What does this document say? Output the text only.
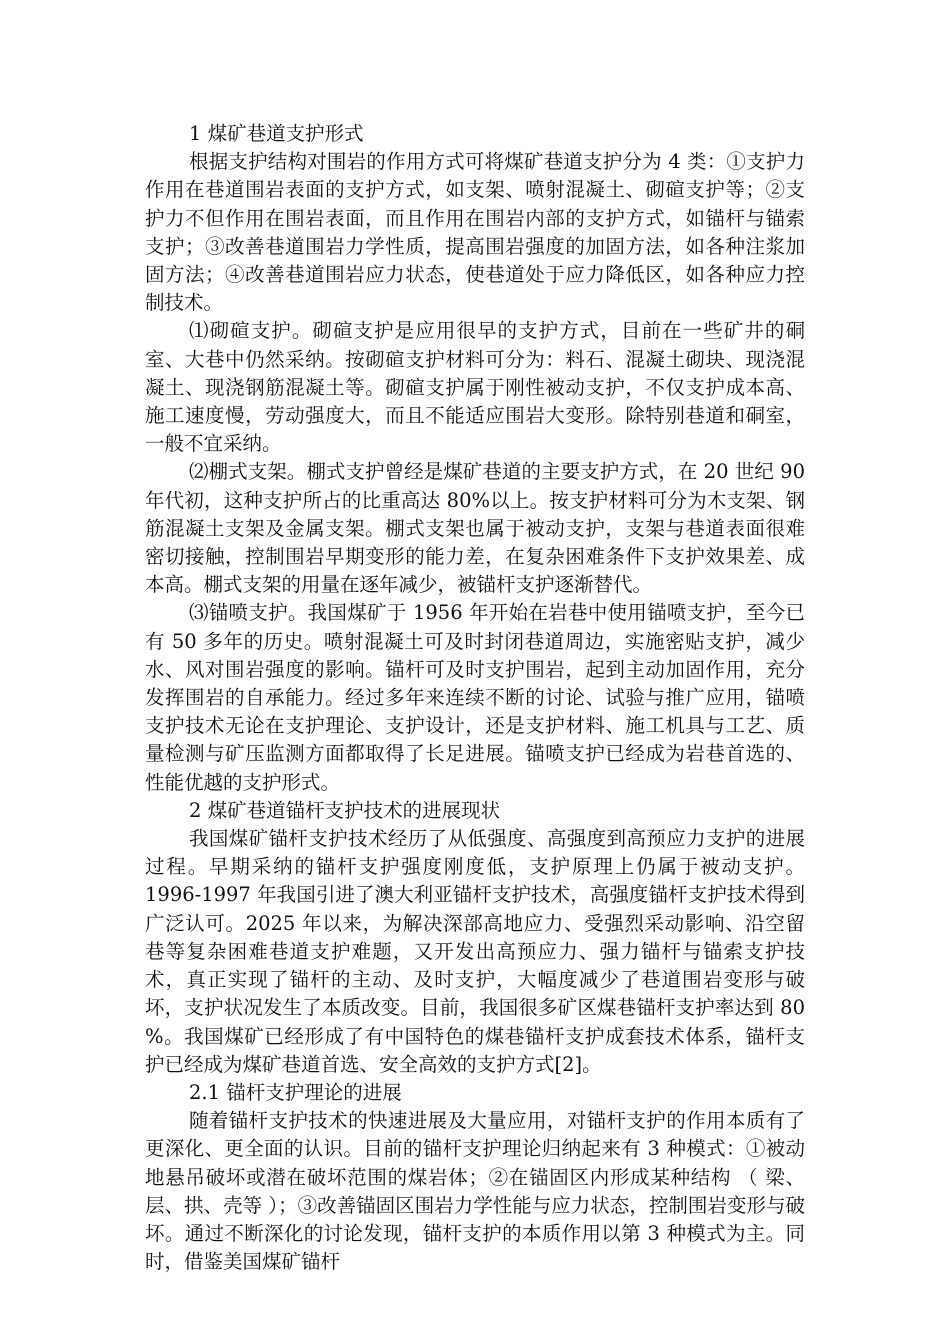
1 煤矿巷道支护形式

根据支护结构对围岩的作用方式可将煤矿巷道支护分为 4 类：①支护力作用在巷道围岩表面的支护方式，如支架、喷射混凝土、砌碹支护等；②支护力不但作用在围岩表面，而且作用在围岩内部的支护方式，如锚杆与锚索支护；③改善巷道围岩力学性质，提高围岩强度的加固方法，如各种注浆加固方法；④改善巷道围岩应力状态，使巷道处于应力降低区，如各种应力控制技术。

⑴砌碹支护。砌碹支护是应用很早的支护方式，目前在一些矿井的硐室、大巷中仍然采纳。按砌碹支护材料可分为：料石、混凝土砌块、现浇混凝土、现浇钢筋混凝土等。砌碹支护属于刚性被动支护，不仅支护成本高、施工速度慢，劳动强度大，而且不能适应围岩大变形。除特别巷道和硐室，一般不宜采纳。

⑵棚式支架。棚式支护曾经是煤矿巷道的主要支护方式，在 20 世纪 90 年代初，这种支护所占的比重高达 80%以上。按支护材料可分为木支架、钢筋混凝土支架及金属支架。棚式支架也属于被动支护，支架与巷道表面很难密切接触，控制围岩早期变形的能力差，在复杂困难条件下支护效果差、成本高。棚式支架的用量在逐年减少，被锚杆支护逐渐替代。

⑶锚喷支护。我国煤矿于 1956 年开始在岩巷中使用锚喷支护，至今已有 50 多年的历史。喷射混凝土可及时封闭巷道周边，实施密贴支护，减少水、风对围岩强度的影响。锚杆可及时支护围岩，起到主动加固作用，充分发挥围岩的自承能力。经过多年来连续不断的讨论、试验与推广应用，锚喷支护技术无论在支护理论、支护设计，还是支护材料、施工机具与工艺、质量检测与矿压监测方面都取得了长足进展。锚喷支护已经成为岩巷首选的、性能优越的支护形式。

2 煤矿巷道锚杆支护技术的进展现状

我国煤矿锚杆支护技术经历了从低强度、高强度到高预应力支护的进展过程。早期采纳的锚杆支护强度刚度低，支护原理上仍属于被动支护。1996-1997 年我国引进了澳大利亚锚杆支护技术，高强度锚杆支护技术得到广泛认可。2025 年以来，为解决深部高地应力、受强烈采动影响、沿空留巷等复杂困难巷道支护难题，又开发出高预应力、强力锚杆与锚索支护技术，真正实现了锚杆的主动、及时支护，大幅度减少了巷道围岩变形与破坏，支护状况发生了本质改变。目前，我国很多矿区煤巷锚杆支护率达到 80 %。我国煤矿已经形成了有中国特色的煤巷锚杆支护成套技术体系，锚杆支护已经成为煤矿巷道首选、安全高效的支护方式[2]。

2.1 锚杆支护理论的进展

随着锚杆支护技术的快速进展及大量应用，对锚杆支护的作用本质有了更深化、更全面的认识。目前的锚杆支护理论归纳起来有 3 种模式：①被动地悬吊破坏或潜在破坏范围的煤岩体；②在锚固区内形成某种结构 （ 梁、层、拱、壳等 ）；③改善锚固区围岩力学性能与应力状态，控制围岩变形与破坏。通过不断深化的讨论发现，锚杆支护的本质作用以第 3 种模式为主。同时，借鉴美国煤矿锚杆
